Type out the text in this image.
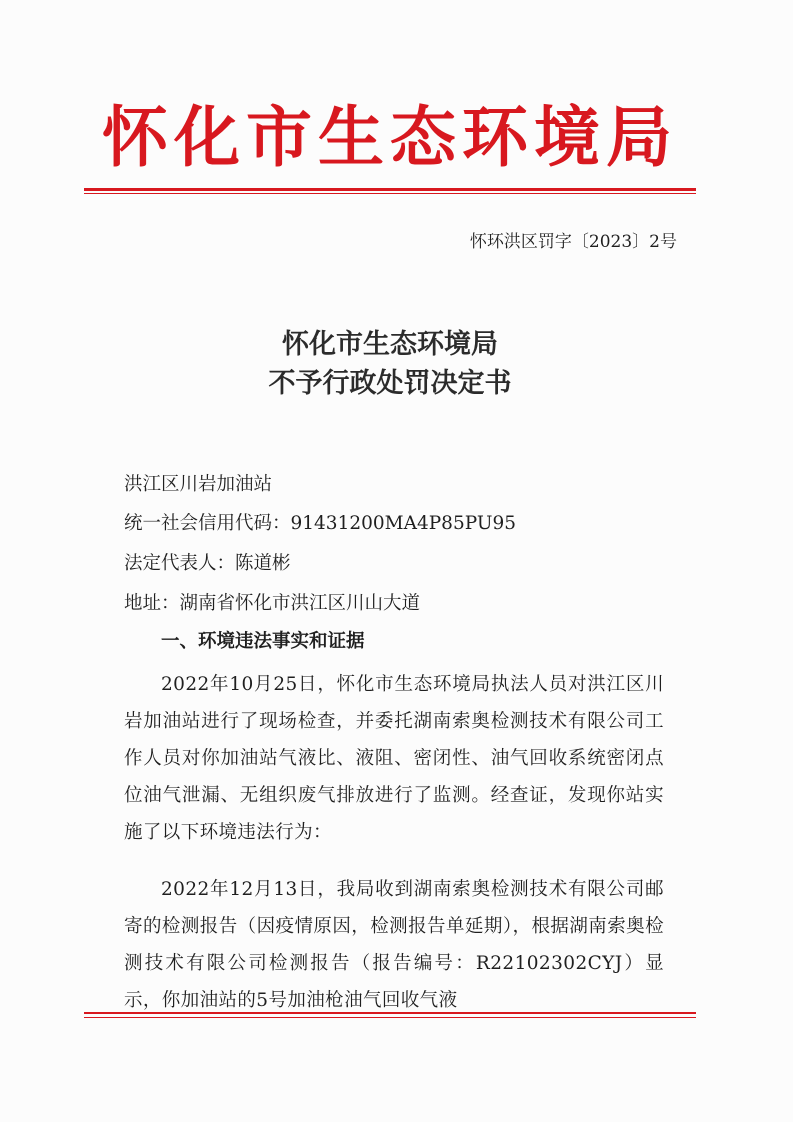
怀化市生态环境局
怀环洪区罚字〔2023〕2号
怀化市生态环境局
不予行政处罚决定书
洪江区川岩加油站
统一社会信用代码：91431200MA4P85PU95
法定代表人：陈道彬
地址：湖南省怀化市洪江区川山大道
一、环境违法事实和证据
2022年10月25日，怀化市生态环境局执法人员对洪江区川岩加油站进行了现场检查，并委托湖南索奥检测技术有限公司工作人员对你加油站气液比、液阻、密闭性、油气回收系统密闭点位油气泄漏、无组织废气排放进行了监测。经查证，发现你站实施了以下环境违法行为：
2022年12月13日，我局收到湖南索奥检测技术有限公司邮寄的检测报告（因疫情原因，检测报告单延期），根据湖南索奥检测技术有限公司检测报告（报告编号：R22102302CYJ）显示，你加油站的5号加油枪油气回收气液
